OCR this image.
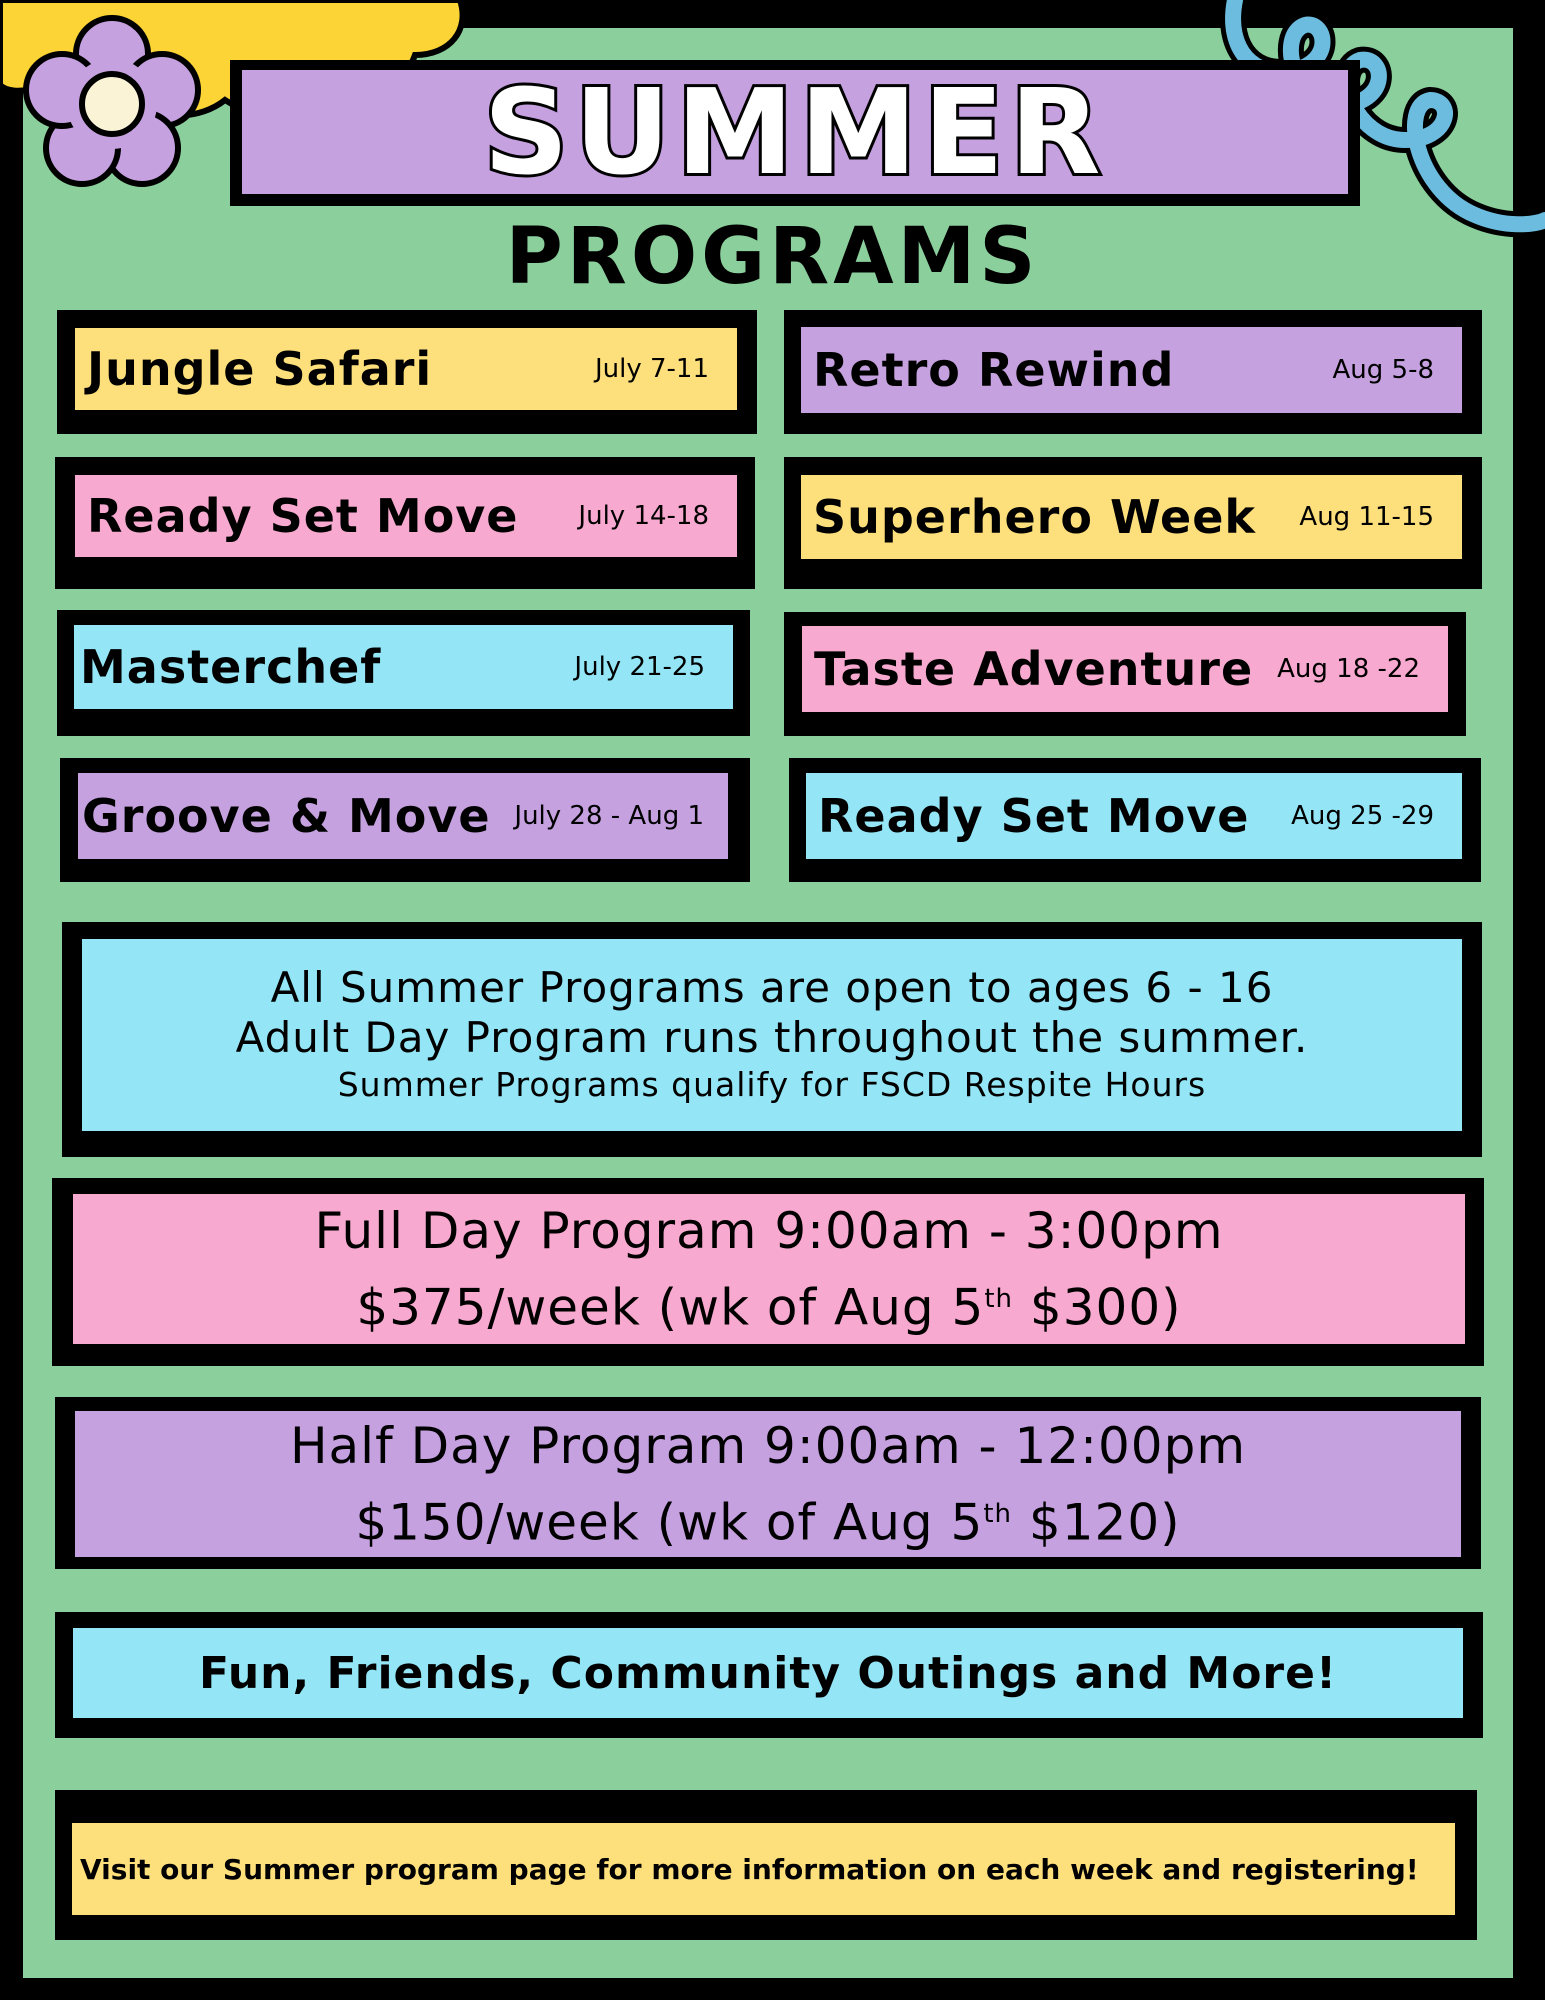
SUMMER
PROGRAMS
Jungle Safari	July 7-11
Ready Set Move July 14-18
Masterchef	July 21-25
Groove & Move July 28 - Aug 1
Retro Rewind	Aug 5-8
Superhero Week Aug 11-15
Taste Adventure Aug 18 -22
Ready Set Move Aug 25 -29
All Summer Programs are open to ages 6 - 16
Adult Day Program runs throughout the summer.
Summer Programs qualify for FSCD Respite Hours
Full Day Program 9:00am - 3:00pm
$375/week (wk of Aug 5th $300)
Half Day Program 9:00am - 12:00pm
$150/week (wk of Aug 5th $120)
Fun, Friends, Community Outings and More!
Visit our Summer program page for more information on each week and registering!
